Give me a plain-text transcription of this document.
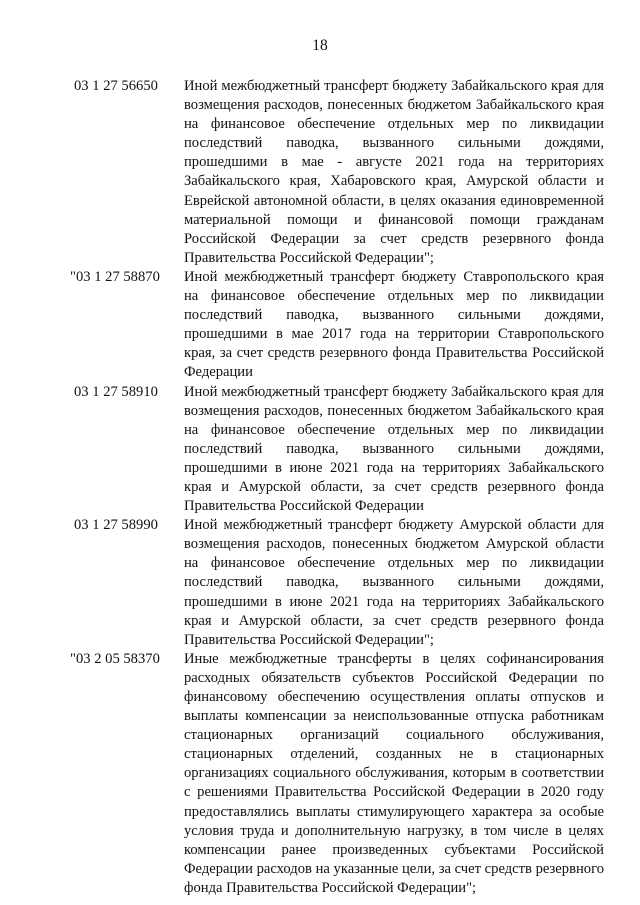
18
03 1 27 56650 Иной межбюджетный трансферт бюджету Забайкальского края для возмещения расходов, понесенных бюджетом Забайкальского края на финансовое обеспечение отдельных мер по ликвидации последствий паводка, вызванного сильными дождями, прошедшими в мае - августе 2021 года на территориях Забайкальского края, Хабаровского края, Амурской области и Еврейской автономной области, в целях оказания единовременной материальной помощи и финансовой помощи гражданам Российской Федерации за счет средств резервного фонда Правительства Российской Федерации";
"03 1 27 58870 Иной межбюджетный трансферт бюджету Ставропольского края на финансовое обеспечение отдельных мер по ликвидации последствий паводка, вызванного сильными дождями, прошедшими в мае 2017 года на территории Ставропольского края, за счет средств резервного фонда Правительства Российской Федерации
03 1 27 58910 Иной межбюджетный трансферт бюджету Забайкальского края для возмещения расходов, понесенных бюджетом Забайкальского края на финансовое обеспечение отдельных мер по ликвидации последствий паводка, вызванного сильными дождями, прошедшими в июне 2021 года на территориях Забайкальского края и Амурской области, за счет средств резервного фонда Правительства Российской Федерации
03 1 27 58990 Иной межбюджетный трансферт бюджету Амурской области для возмещения расходов, понесенных бюджетом Амурской области на финансовое обеспечение отдельных мер по ликвидации последствий паводка, вызванного сильными дождями, прошедшими в июне 2021 года на территориях Забайкальского края и Амурской области, за счет средств резервного фонда Правительства Российской Федерации";
"03 2 05 58370 Иные межбюджетные трансферты в целях софинансирования расходных обязательств субъектов Российской Федерации по финансовому обеспечению осуществления оплаты отпусков и выплаты компенсации за неиспользованные отпуска работникам стационарных организаций социального обслуживания, стационарных отделений, созданных не в стационарных организациях социального обслуживания, которым в соответствии с решениями Правительства Российской Федерации в 2020 году предоставлялись выплаты стимулирующего характера за особые условия труда и дополнительную нагрузку, в том числе в целях компенсации ранее произведенных субъектами Российской Федерации расходов на указанные цели, за счет средств резервного фонда Правительства Российской Федерации";
